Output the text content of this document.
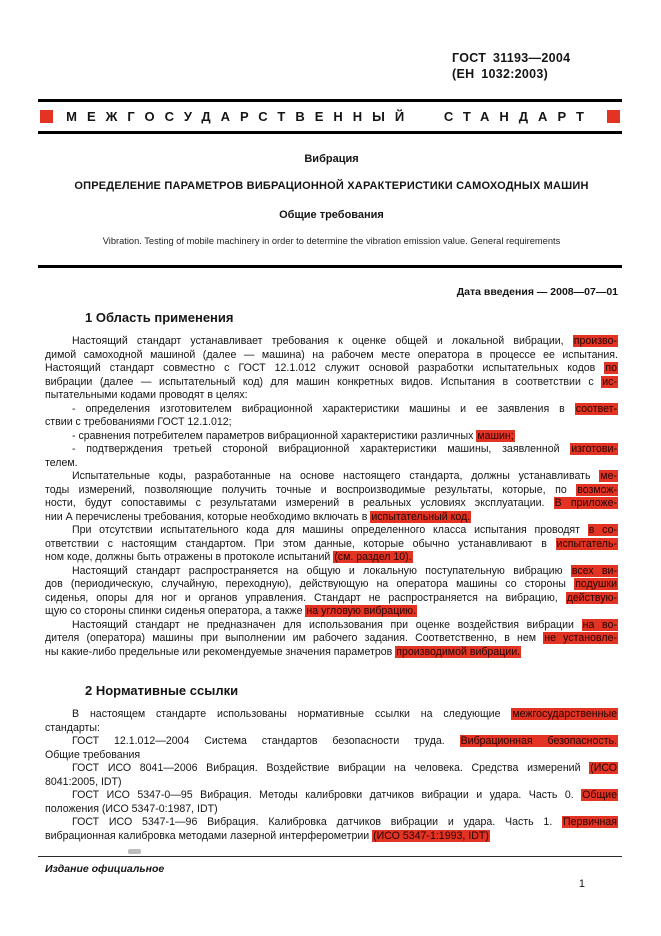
ГОСТ 31193—2004
(ЕН 1032:2003)
МЕЖГОСУДАРСТВЕННЫЙ СТАНДАРТ
Вибрация
ОПРЕДЕЛЕНИЕ ПАРАМЕТРОВ ВИБРАЦИОННОЙ ХАРАКТЕРИСТИКИ САМОХОДНЫХ МАШИН
Общие требования
Vibration. Testing of mobile machinery in order to determine the vibration emission value. General requirements
Дата введения — 2008—07—01
1 Область применения
Настоящий стандарт устанавливает требования к оценке общей и локальной вибрации, произво-
димой самоходной машиной (далее — машина) на рабочем месте оператора в процессе ее испытания.
Настоящий стандарт совместно с ГОСТ 12.1.012 служит основой разработки испытательных кодов по
вибрации (далее — испытательный код) для машин конкретных видов. Испытания в соответствии с ис-
пытательными кодами проводят в целях:
- определения изготовителем вибрационной характеристики машины и ее заявления в соответ-
ствии с требованиями ГОСТ 12.1.012;
- сравнения потребителем параметров вибрационной характеристики различных машин;
- подтверждения третьей стороной вибрационной характеристики машины, заявленной изготови-
телем.
Испытательные коды, разработанные на основе настоящего стандарта, должны устанавливать ме-
тоды измерений, позволяющие получить точные и воспроизводимые результаты, которые, по возмож-
ности, будут сопоставимы с результатами измерений в реальных условиях эксплуатации. В приложе-
нии А перечислены требования, которые необходимо включать в испытательный код.
При отсутствии испытательного кода для машины определенного класса испытания проводят в со-
ответствии с настоящим стандартом. При этом данные, которые обычно устанавливают в испытатель-
ном коде, должны быть отражены в протоколе испытаний (см. раздел 10).
Настоящий стандарт распространяется на общую и локальную поступательную вибрацию всех ви-
дов (периодическую, случайную, переходную), действующую на оператора машины со стороны подушки
сиденья, опоры для ног и органов управления. Стандарт не распространяется на вибрацию, действую-
щую со стороны спинки сиденья оператора, а также на угловую вибрацию.
Настоящий стандарт не предназначен для использования при оценке воздействия вибрации на во-
дителя (оператора) машины при выполнении им рабочего задания. Соответственно, в нем не установле-
ны какие-либо предельные или рекомендуемые значения параметров производимой вибрации.
2 Нормативные ссылки
В настоящем стандарте использованы нормативные ссылки на следующие межгосударственные
стандарты:
ГОСТ 12.1.012—2004 Система стандартов безопасности труда. Вибрационная безопасность.
Общие требования
ГОСТ ИСО 8041—2006 Вибрация. Воздействие вибрации на человека. Средства измерений (ИСО
8041:2005, IDT)
ГОСТ ИСО 5347-0—95 Вибрация. Методы калибровки датчиков вибрации и удара. Часть 0. Общие
положения (ИСО 5347-0:1987, IDT)
ГОСТ ИСО 5347-1—96 Вибрация. Калибровка датчиков вибрации и удара. Часть 1. Первичная
вибрационная калибровка методами лазерной интерферометрии (ИСО 5347-1:1993, IDT)
Издание официальное
1
